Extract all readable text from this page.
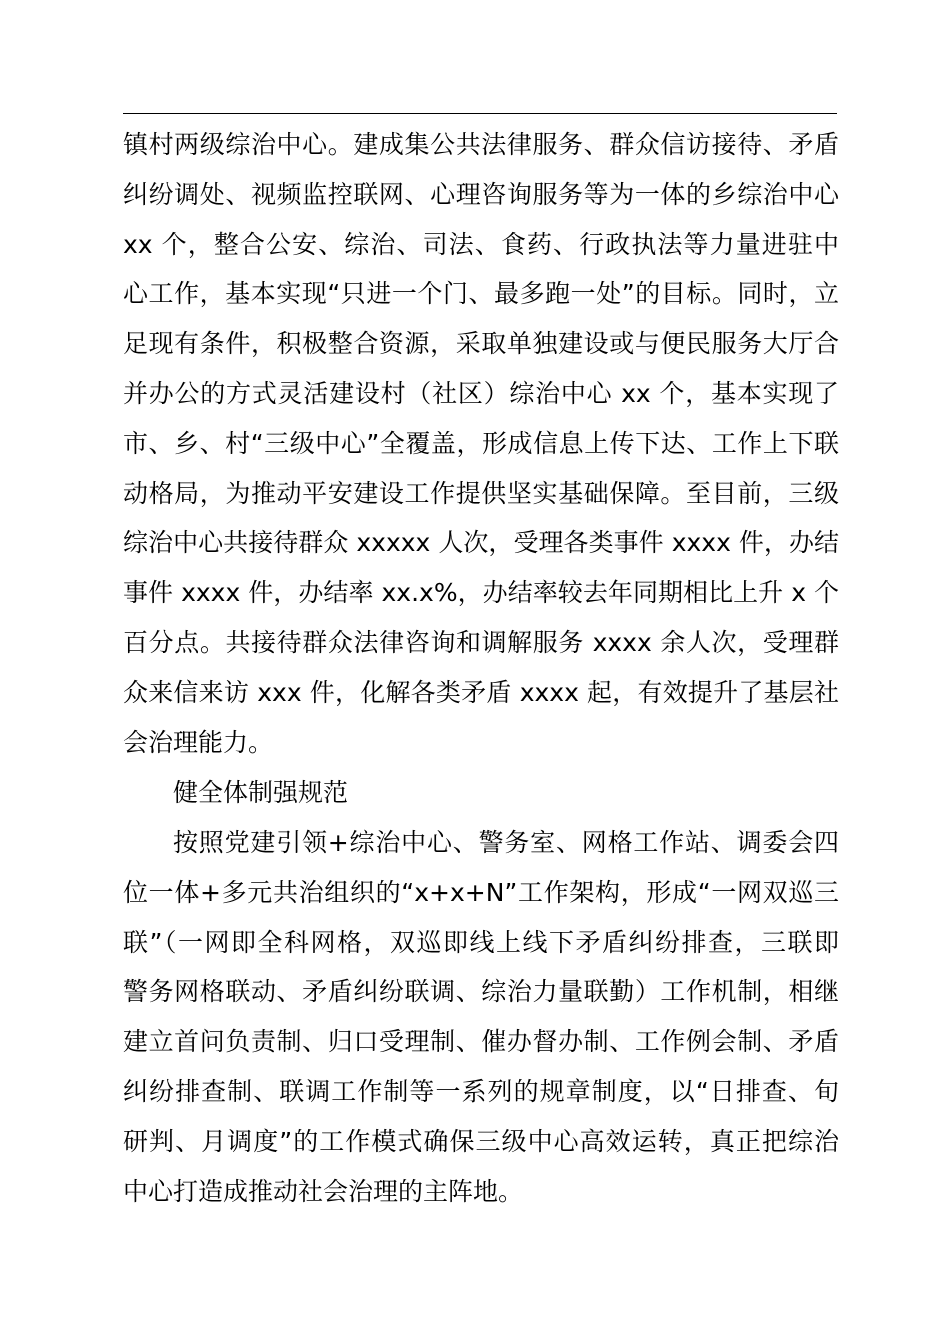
镇村两级综治中心。建成集公共法律服务、群众信访接待、矛盾
纠纷调处、视频监控联网、心理咨询服务等为一体的乡综治中心
xx 个，整合公安、综治、司法、食药、行政执法等力量进驻中
心工作，基本实现“只进一个门、最多跑一处”的目标。同时，立
足现有条件，积极整合资源，采取单独建设或与便民服务大厅合
并办公的方式灵活建设村（社区）综治中心 xx 个，基本实现了
市、乡、村“三级中心”全覆盖，形成信息上传下达、工作上下联
动格局，为推动平安建设工作提供坚实基础保障。至目前，三级
综治中心共接待群众 xxxxx 人次，受理各类事件 xxxx 件，办结
事件 xxxx 件，办结率 xx.x%，办结率较去年同期相比上升 x 个
百分点。共接待群众法律咨询和调解服务 xxxx 余人次，受理群
众来信来访 xxx 件，化解各类矛盾 xxxx 起，有效提升了基层社
会治理能力。
健全体制强规范
按照党建引领+综治中心、警务室、网格工作站、调委会四
位一体+多元共治组织的“x+x+N”工作架构，形成“一网双巡三
联”（一网即全科网格，双巡即线上线下矛盾纠纷排查，三联即
警务网格联动、矛盾纠纷联调、综治力量联勤）工作机制，相继
建立首问负责制、归口受理制、催办督办制、工作例会制、矛盾
纠纷排查制、联调工作制等一系列的规章制度，以“日排查、旬
研判、月调度”的工作模式确保三级中心高效运转，真正把综治
中心打造成推动社会治理的主阵地。
